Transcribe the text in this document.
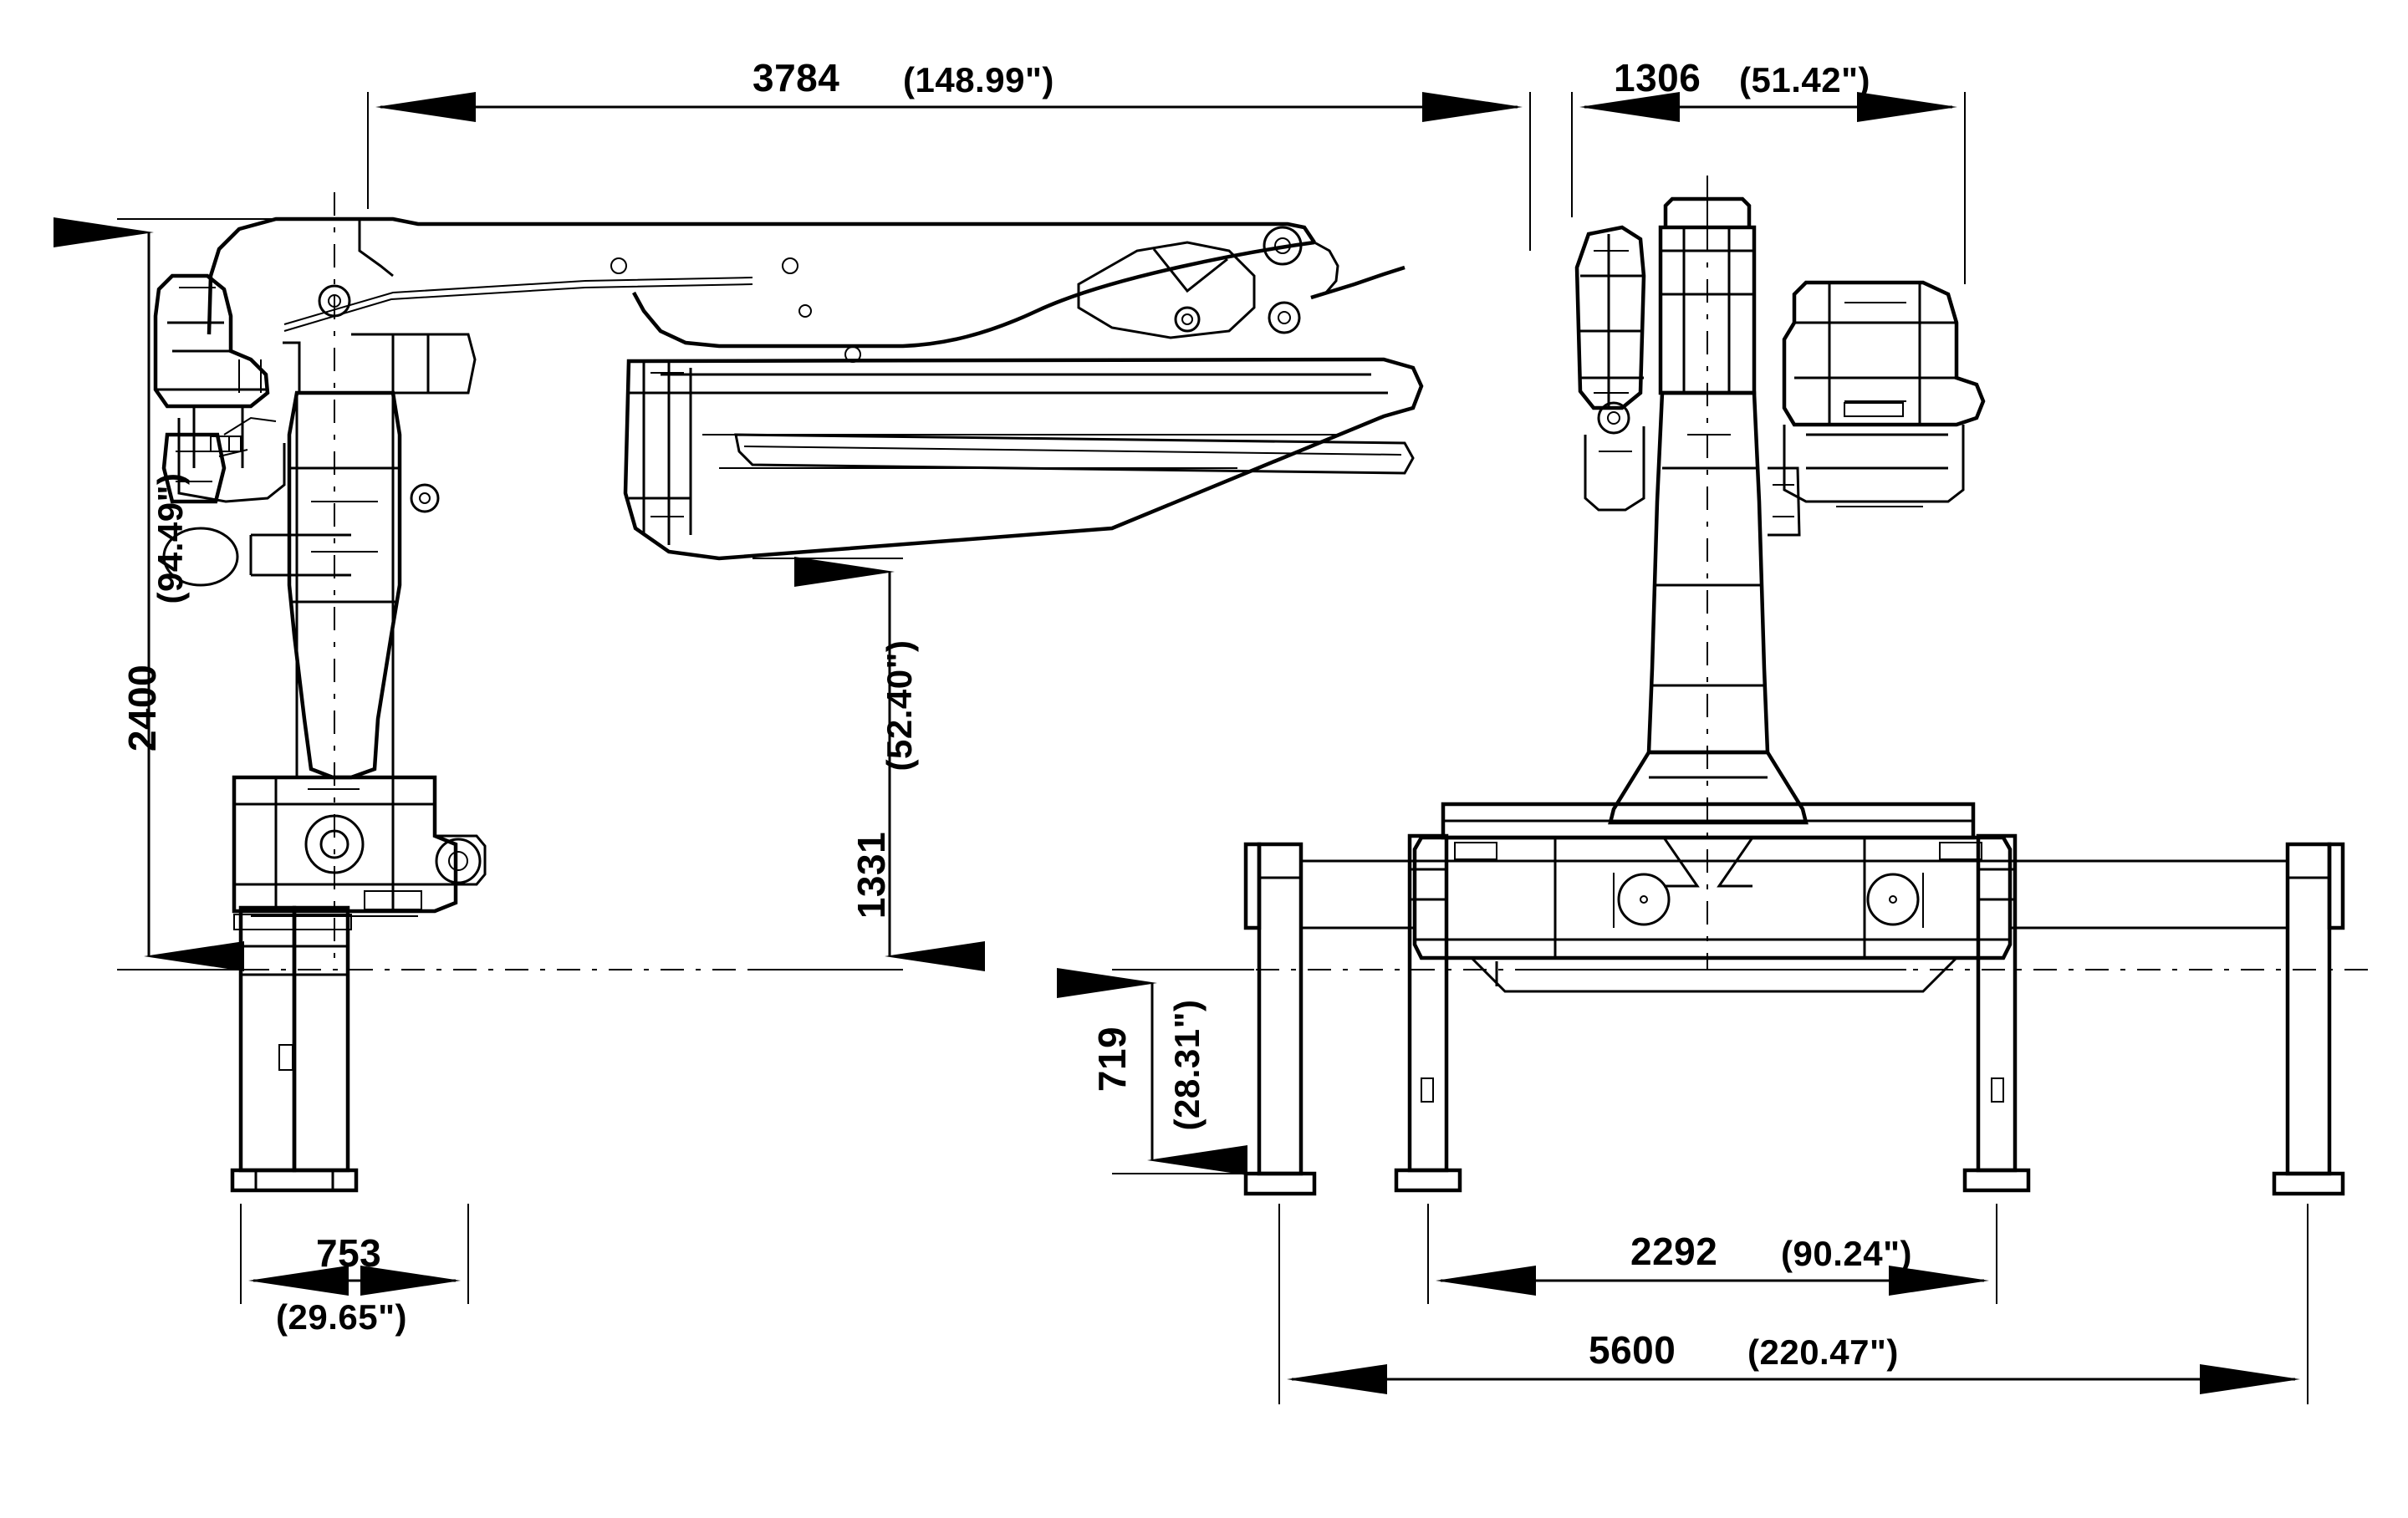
3784 (148.99")	1306 (51.42")
2400
(94.49")
1331
(52.40")
753
(29.65")
719 (28.31")
2292 (90.24")
5600 (220.47")
